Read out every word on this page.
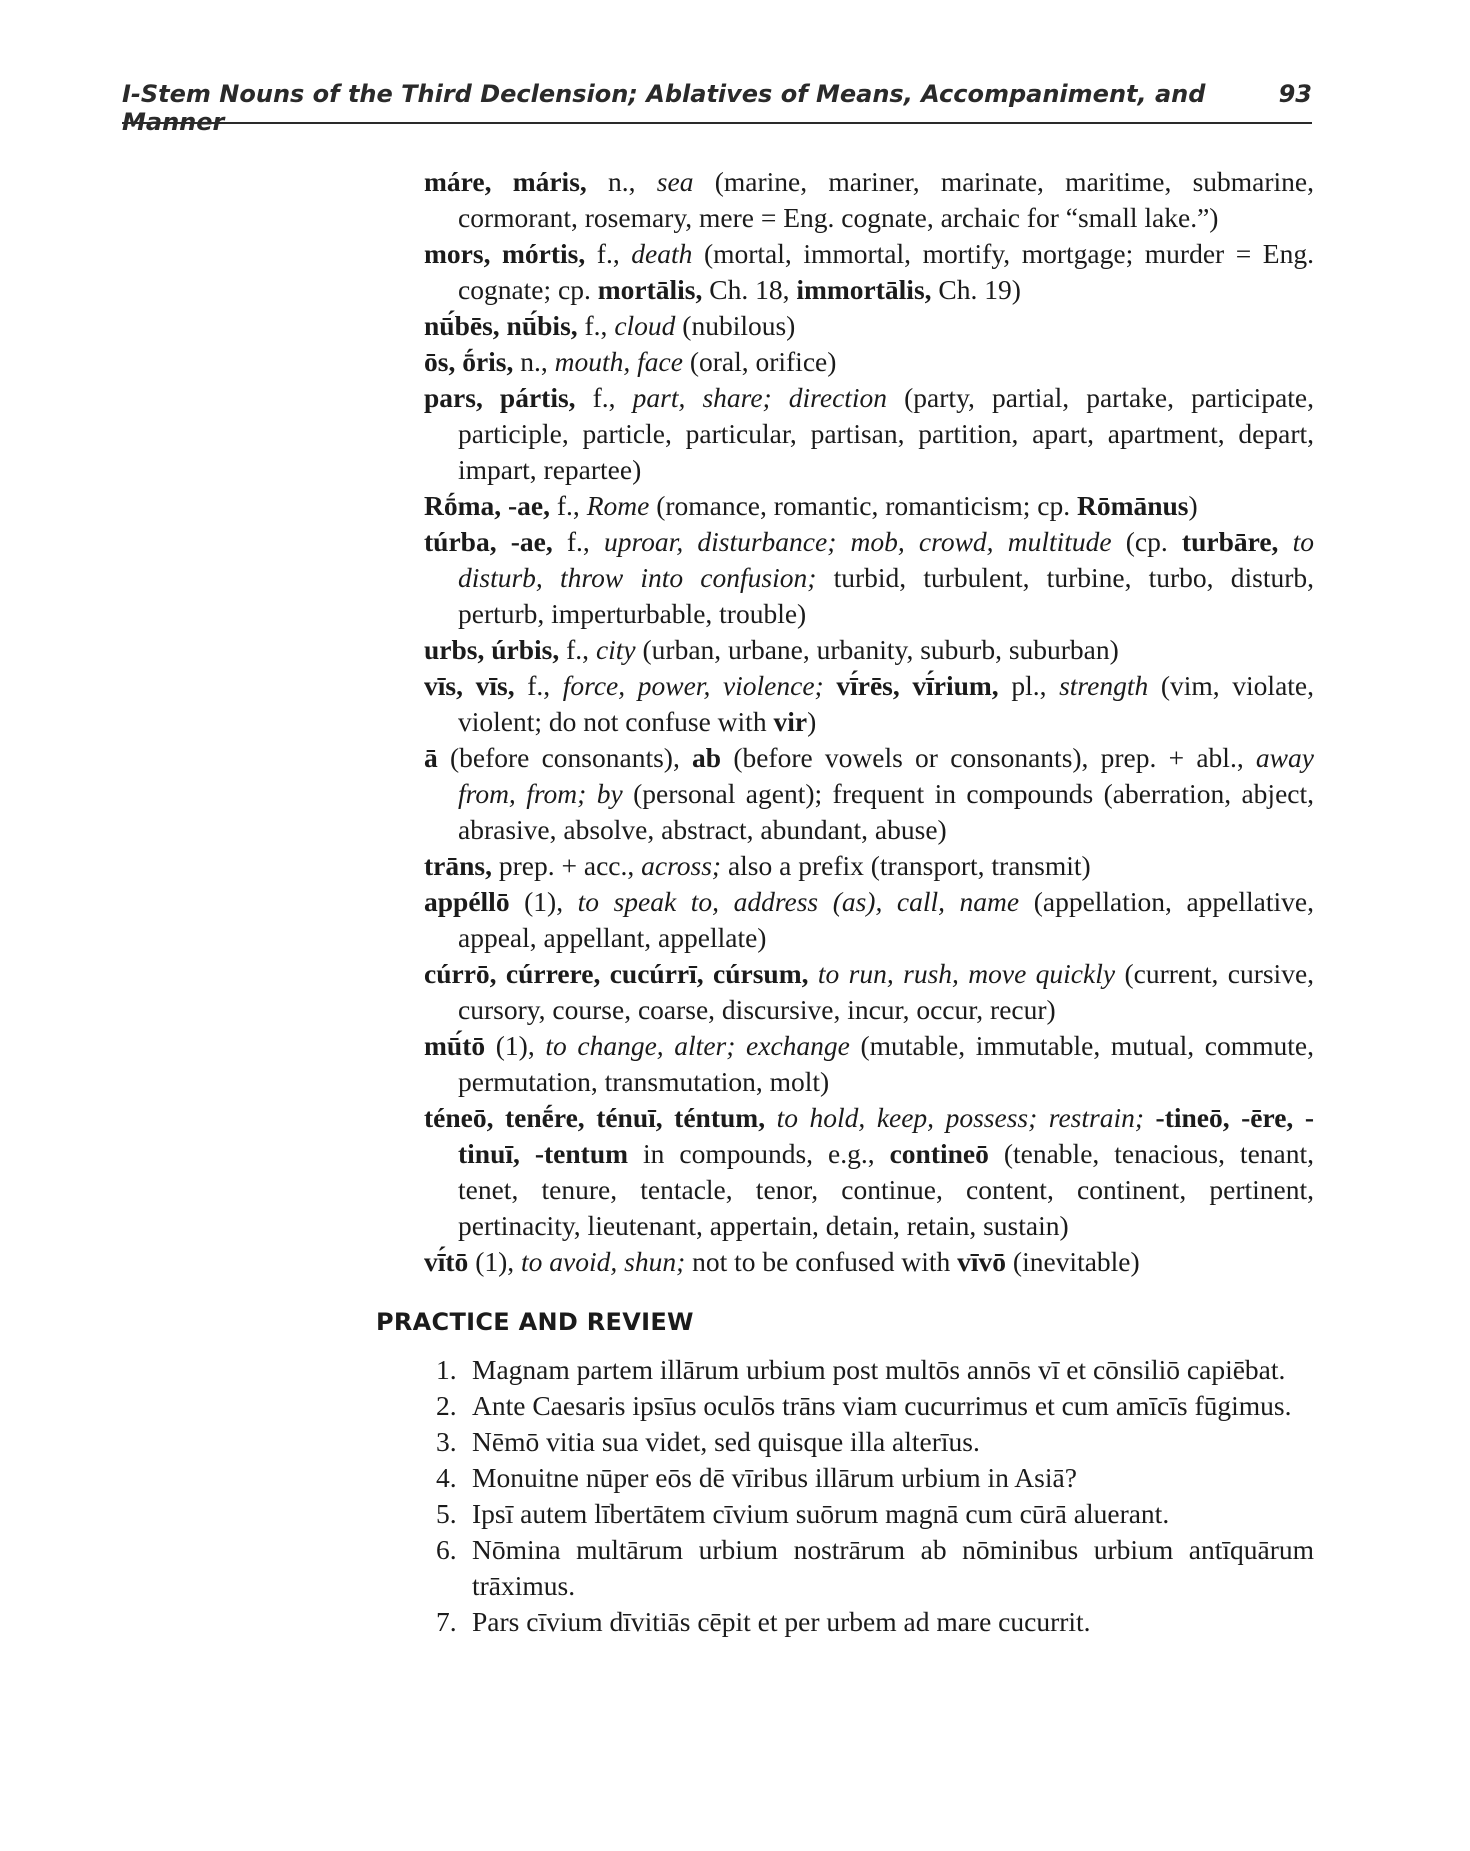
I-Stem Nouns of the Third Declension; Ablatives of Means, Accompaniment, and Manner
93

máre, máris, n., sea (marine, mariner, marinate, maritime, submarine, cormorant, rosemary, mere = Eng. cognate, archaic for “small lake.”)

mors, mórtis, f., death (mortal, immortal, mortify, mortgage; murder = Eng. cognate; cp. mortālis, Ch. 18, immortālis, Ch. 19)

nū́bēs, nū́bis, f., cloud (nubilous)

ōs, ṓris, n., mouth, face (oral, orifice)

pars, pártis, f., part, share; direction (party, partial, partake, participate, participle, particle, particular, partisan, partition, apart, apartment, depart, impart, repartee)

Rṓma, -ae, f., Rome (romance, romantic, romanticism; cp. Rōmānus)

túrba, -ae, f., uproar, disturbance; mob, crowd, multitude (cp. turbāre, to disturb, throw into confusion; turbid, turbulent, turbine, turbo, disturb, perturb, imperturbable, trouble)

urbs, úrbis, f., city (urban, urbane, urbanity, suburb, suburban)

vīs, vīs, f., force, power, violence; vī́rēs, vī́rium, pl., strength (vim, violate, violent; do not confuse with vir)

ā (before consonants), ab (before vowels or consonants), prep. + abl., away from, from; by (personal agent); frequent in compounds (aberration, abject, abrasive, absolve, abstract, abundant, abuse)

trāns, prep. + acc., across; also a prefix (transport, transmit)

appéllō (1), to speak to, address (as), call, name (appellation, appellative, appeal, appellant, appellate)

cúrrō, cúrrere, cucúrrī, cúrsum, to run, rush, move quickly (current, cursive, cursory, course, coarse, discursive, incur, occur, recur)

mū́tō (1), to change, alter; exchange (mutable, immutable, mutual, commute, permutation, transmutation, molt)

téneō, tenḗre, ténuī, téntum, to hold, keep, possess; restrain; -tineō, -ēre, -tinuī, -tentum in compounds, e.g., contineō (tenable, tenacious, tenant, tenet, tenure, tentacle, tenor, continue, content, continent, pertinent, pertinacity, lieutenant, appertain, detain, retain, sustain)

vī́tō (1), to avoid, shun; not to be confused with vīvō (inevitable)

PRACTICE AND REVIEW
1. Magnam partem illārum urbium post multōs annōs vī et cōnsiliō capiēbat.
2. Ante Caesaris ipsīus oculōs trāns viam cucurrimus et cum amīcīs fūgimus.
3. Nēmō vitia sua videt, sed quisque illa alterīus.
4. Monuitne nūper eōs dē vīribus illārum urbium in Asiā?
5. Ipsī autem lībertātem cīvium suōrum magnā cum cūrā aluerant.
6. Nōmina multārum urbium nostrārum ab nōminibus urbium antīquārum trāximus.
7. Pars cīvium dīvitiās cēpit et per urbem ad mare cucurrit.
